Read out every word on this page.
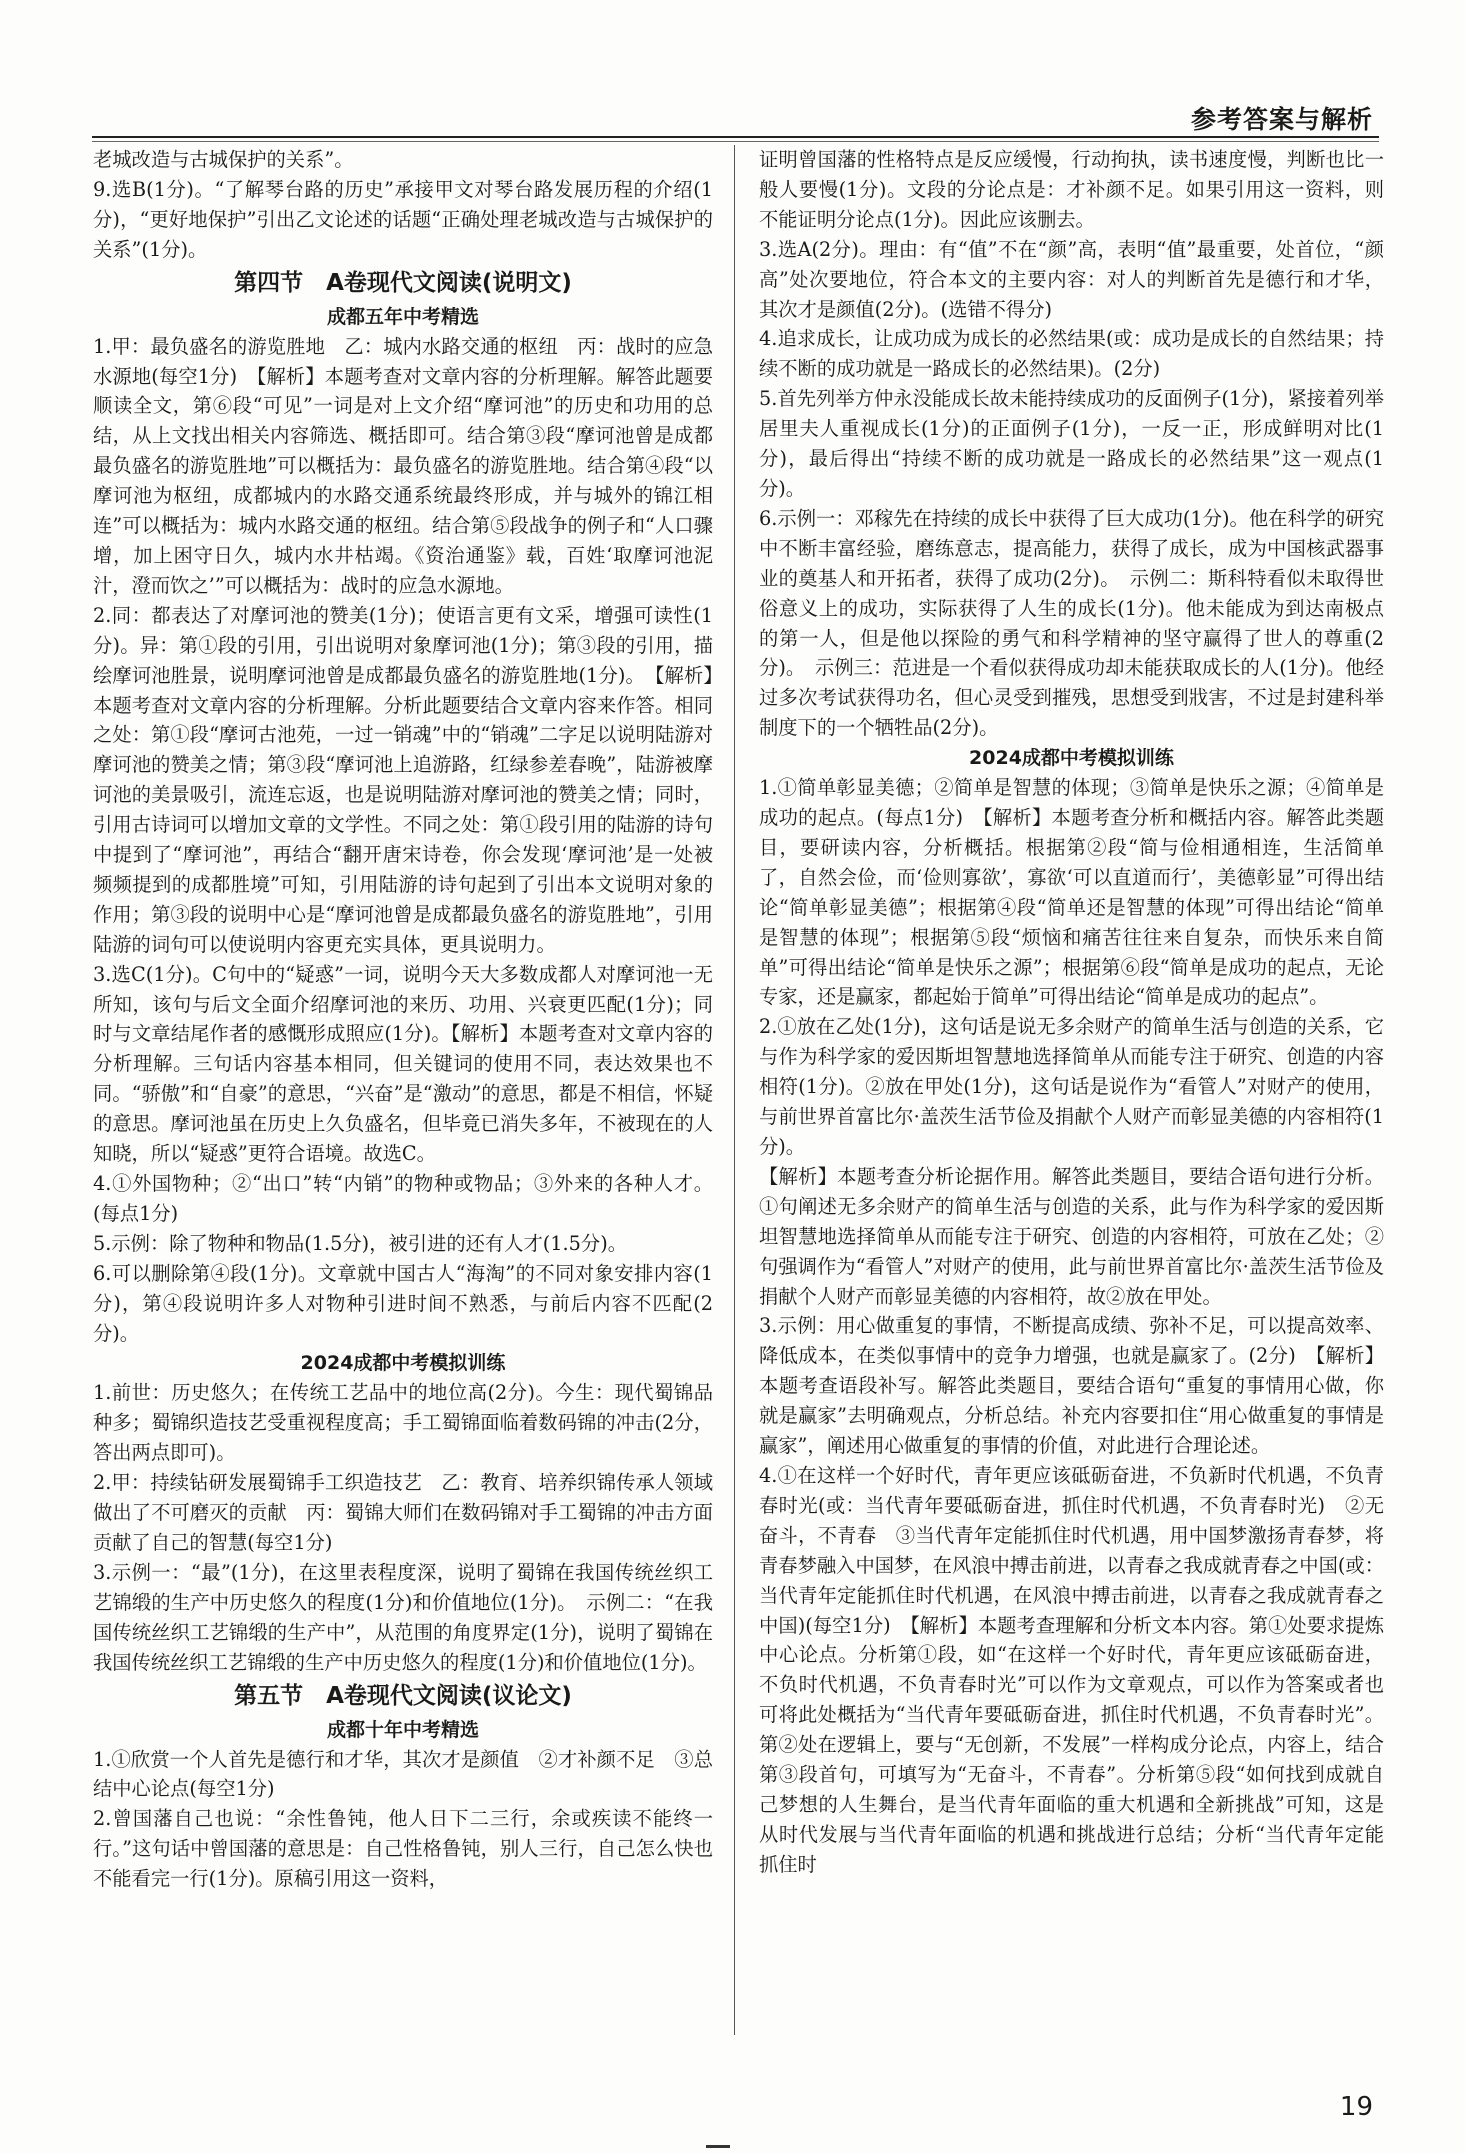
参考答案与解析

老城改造与古城保护的关系”。

9.选B(1分)。“了解琴台路的历史”承接甲文对琴台路发展历程的介绍(1分)，“更好地保护”引出乙文论述的话题“正确处理老城改造与古城保护的关系”(1分)。

第四节　A卷现代文阅读(说明文)
成都五年中考精选

1.甲：最负盛名的游览胜地　乙：城内水路交通的枢纽　丙：战时的应急水源地(每空1分)　【解析】本题考查对文章内容的分析理解。解答此题要顺读全文，第⑥段“可见”一词是对上文介绍“摩诃池”的历史和功用的总结，从上文找出相关内容筛选、概括即可。结合第③段“摩诃池曾是成都最负盛名的游览胜地”可以概括为：最负盛名的游览胜地。结合第④段“以摩诃池为枢纽，成都城内的水路交通系统最终形成，并与城外的锦江相连”可以概括为：城内水路交通的枢纽。结合第⑤段战争的例子和“人口骤增，加上困守日久，城内水井枯竭。《资治通鉴》载，百姓‘取摩诃池泥汁，澄而饮之’”可以概括为：战时的应急水源地。

2.同：都表达了对摩诃池的赞美(1分)；使语言更有文采，增强可读性(1分)。异：第①段的引用，引出说明对象摩诃池(1分)；第③段的引用，描绘摩诃池胜景，说明摩诃池曾是成都最负盛名的游览胜地(1分)。　【解析】本题考查对文章内容的分析理解。分析此题要结合文章内容来作答。相同之处：第①段“摩诃古池苑，一过一销魂”中的“销魂”二字足以说明陆游对摩诃池的赞美之情；第③段“摩诃池上追游路，红绿参差春晚”，陆游被摩诃池的美景吸引，流连忘返，也是说明陆游对摩诃池的赞美之情；同时，引用古诗词可以增加文章的文学性。不同之处：第①段引用的陆游的诗句中提到了“摩诃池”，再结合“翻开唐宋诗卷，你会发现‘摩诃池’是一处被频频提到的成都胜境”可知，引用陆游的诗句起到了引出本文说明对象的作用；第③段的说明中心是“摩诃池曾是成都最负盛名的游览胜地”，引用陆游的词句可以使说明内容更充实具体，更具说明力。

3.选C(1分)。C句中的“疑惑”一词，说明今天大多数成都人对摩诃池一无所知，该句与后文全面介绍摩诃池的来历、功用、兴衰更匹配(1分)；同时与文章结尾作者的感慨形成照应(1分)。【解析】本题考查对文章内容的分析理解。三句话内容基本相同，但关键词的使用不同，表达效果也不同。“骄傲”和“自豪”的意思，“兴奋”是“激动”的意思，都是不相信，怀疑的意思。摩诃池虽在历史上久负盛名，但毕竟已消失多年，不被现在的人知晓，所以“疑惑”更符合语境。故选C。

4.①外国物种；②“出口”转“内销”的物种或物品；③外来的各种人才。(每点1分)

5.示例：除了物种和物品(1.5分)，被引进的还有人才(1.5分)。

6.可以删除第④段(1分)。文章就中国古人“海淘”的不同对象安排内容(1分)，第④段说明许多人对物种引进时间不熟悉，与前后内容不匹配(2分)。

2024成都中考模拟训练

1.前世：历史悠久；在传统工艺品中的地位高(2分)。今生：现代蜀锦品种多；蜀锦织造技艺受重视程度高；手工蜀锦面临着数码锦的冲击(2分，答出两点即可)。

2.甲：持续钻研发展蜀锦手工织造技艺　乙：教育、培养织锦传承人领域做出了不可磨灭的贡献　丙：蜀锦大师们在数码锦对手工蜀锦的冲击方面贡献了自己的智慧(每空1分)

3.示例一：“最”(1分)，在这里表程度深，说明了蜀锦在我国传统丝织工艺锦缎的生产中历史悠久的程度(1分)和价值地位(1分)。　示例二：“在我国传统丝织工艺锦缎的生产中”，从范围的角度界定(1分)，说明了蜀锦在我国传统丝织工艺锦缎的生产中历史悠久的程度(1分)和价值地位(1分)。

第五节　A卷现代文阅读(议论文)
成都十年中考精选

1.①欣赏一个人首先是德行和才华，其次才是颜值　②才补颜不足　③总结中心论点(每空1分)

2.曾国藩自己也说：“余性鲁钝，他人日下二三行，余或疾读不能终一行。”这句话中曾国藩的意思是：自己性格鲁钝，别人三行，自己怎么快也不能看完一行(1分)。原稿引用这一资料，

证明曾国藩的性格特点是反应缓慢，行动拘执，读书速度慢，判断也比一般人要慢(1分)。文段的分论点是：才补颜不足。如果引用这一资料，则不能证明分论点(1分)。因此应该删去。

3.选A(2分)。理由：有“值”不在“颜”高，表明“值”最重要，处首位，“颜高”处次要地位，符合本文的主要内容：对人的判断首先是德行和才华，其次才是颜值(2分)。(选错不得分)

4.追求成长，让成功成为成长的必然结果(或：成功是成长的自然结果；持续不断的成功就是一路成长的必然结果)。(2分)

5.首先列举方仲永没能成长故未能持续成功的反面例子(1分)，紧接着列举居里夫人重视成长(1分)的正面例子(1分)，一反一正，形成鲜明对比(1分)，最后得出“持续不断的成功就是一路成长的必然结果”这一观点(1分)。

6.示例一：邓稼先在持续的成长中获得了巨大成功(1分)。他在科学的研究中不断丰富经验，磨练意志，提高能力，获得了成长，成为中国核武器事业的奠基人和开拓者，获得了成功(2分)。　示例二：斯科特看似未取得世俗意义上的成功，实际获得了人生的成长(1分)。他未能成为到达南极点的第一人，但是他以探险的勇气和科学精神的坚守赢得了世人的尊重(2分)。　示例三：范进是一个看似获得成功却未能获取成长的人(1分)。他经过多次考试获得功名，但心灵受到摧残，思想受到戕害，不过是封建科举制度下的一个牺牲品(2分)。

2024成都中考模拟训练

1.①简单彰显美德；②简单是智慧的体现；③简单是快乐之源；④简单是成功的起点。(每点1分)　【解析】本题考查分析和概括内容。解答此类题目，要研读内容，分析概括。根据第②段“简与俭相通相连，生活简单了，自然会俭，而‘俭则寡欲’，寡欲‘可以直道而行’，美德彰显”可得出结论“简单彰显美德”；根据第④段“简单还是智慧的体现”可得出结论“简单是智慧的体现”；根据第⑤段“烦恼和痛苦往往来自复杂，而快乐来自简单”可得出结论“简单是快乐之源”；根据第⑥段“简单是成功的起点，无论专家，还是赢家，都起始于简单”可得出结论“简单是成功的起点”。

2.①放在乙处(1分)，这句话是说无多余财产的简单生活与创造的关系，它与作为科学家的爱因斯坦智慧地选择简单从而能专注于研究、创造的内容相符(1分)。②放在甲处(1分)，这句话是说作为“看管人”对财产的使用，与前世界首富比尔·盖茨生活节俭及捐献个人财产而彰显美德的内容相符(1分)。

【解析】本题考查分析论据作用。解答此类题目，要结合语句进行分析。①句阐述无多余财产的简单生活与创造的关系，此与作为科学家的爱因斯坦智慧地选择简单从而能专注于研究、创造的内容相符，可放在乙处；②句强调作为“看管人”对财产的使用，此与前世界首富比尔·盖茨生活节俭及捐献个人财产而彰显美德的内容相符，故②放在甲处。

3.示例：用心做重复的事情，不断提高成绩、弥补不足，可以提高效率、降低成本，在类似事情中的竞争力增强，也就是赢家了。(2分)　【解析】本题考查语段补写。解答此类题目，要结合语句“重复的事情用心做，你就是赢家”去明确观点，分析总结。补充内容要扣住“用心做重复的事情是赢家”，阐述用心做重复的事情的价值，对此进行合理论述。

4.①在这样一个好时代，青年更应该砥砺奋进，不负新时代机遇，不负青春时光(或：当代青年要砥砺奋进，抓住时代机遇，不负青春时光)　②无奋斗，不青春　③当代青年定能抓住时代机遇，用中国梦激扬青春梦，将青春梦融入中国梦，在风浪中搏击前进，以青春之我成就青春之中国(或：当代青年定能抓住时代机遇，在风浪中搏击前进，以青春之我成就青春之中国)(每空1分)　【解析】本题考查理解和分析文本内容。第①处要求提炼中心论点。分析第①段，如“在这样一个好时代，青年更应该砥砺奋进，不负时代机遇，不负青春时光”可以作为文章观点，可以作为答案或者也可将此处概括为“当代青年要砥砺奋进，抓住时代机遇，不负青春时光”。第②处在逻辑上，要与“无创新，不发展”一样构成分论点，内容上，结合第③段首句，可填写为“无奋斗，不青春”。分析第⑤段“如何找到成就自己梦想的人生舞台，是当代青年面临的重大机遇和全新挑战”可知，这是从时代发展与当代青年面临的机遇和挑战进行总结；分析“当代青年定能抓住时

19
